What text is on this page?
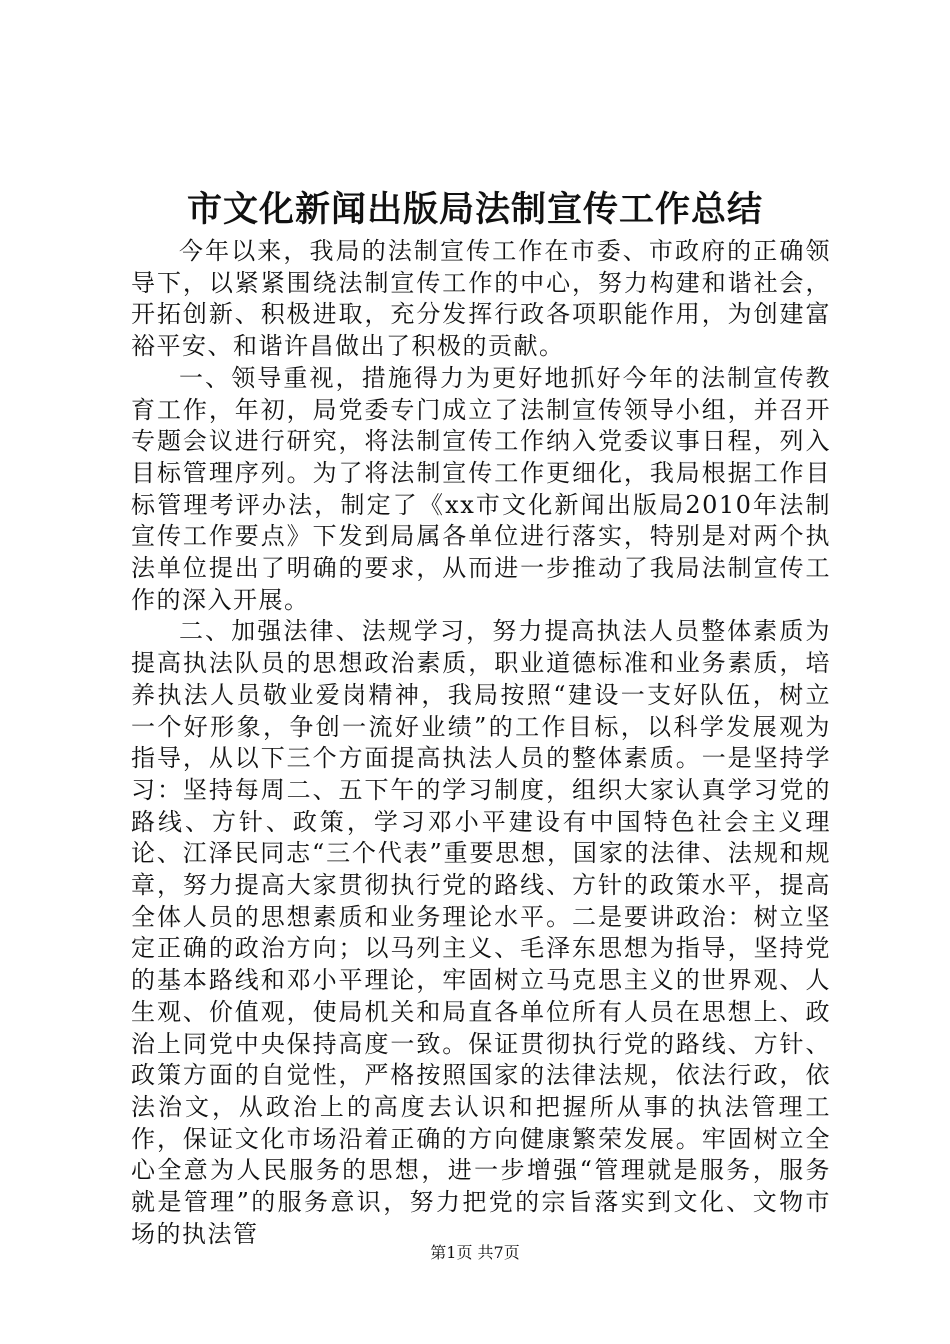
市文化新闻出版局法制宣传工作总结

今年以来，我局的法制宣传工作在市委、市政府的正确领导下，以紧紧围绕法制宣传工作的中心，努力构建和谐社会，开拓创新、积极进取，充分发挥行政各项职能作用，为创建富裕平安、和谐许昌做出了积极的贡献。

一、领导重视，措施得力为更好地抓好今年的法制宣传教育工作，年初，局党委专门成立了法制宣传领导小组，并召开专题会议进行研究，将法制宣传工作纳入党委议事日程，列入目标管理序列。为了将法制宣传工作更细化，我局根据工作目标管理考评办法，制定了《xx市文化新闻出版局2010年法制宣传工作要点》下发到局属各单位进行落实，特别是对两个执法单位提出了明确的要求，从而进一步推动了我局法制宣传工作的深入开展。

二、加强法律、法规学习，努力提高执法人员整体素质为提高执法队员的思想政治素质，职业道德标准和业务素质，培养执法人员敬业爱岗精神，我局按照“建设一支好队伍，树立一个好形象，争创一流好业绩”的工作目标，以科学发展观为指导，从以下三个方面提高执法人员的整体素质。一是坚持学习：坚持每周二、五下午的学习制度，组织大家认真学习党的路线、方针、政策，学习邓小平建设有中国特色社会主义理论、江泽民同志“三个代表”重要思想，国家的法律、法规和规章，努力提高大家贯彻执行党的路线、方针的政策水平，提高全体人员的思想素质和业务理论水平。二是要讲政治：树立坚定正确的政治方向；以马列主义、毛泽东思想为指导，坚持党的基本路线和邓小平理论，牢固树立马克思主义的世界观、人生观、价值观，使局机关和局直各单位所有人员在思想上、政治上同党中央保持高度一致。保证贯彻执行党的路线、方针、政策方面的自觉性，严格按照国家的法律法规，依法行政，依法治文，从政治上的高度去认识和把握所从事的执法管理工作，保证文化市场沿着正确的方向健康繁荣发展。牢固树立全心全意为人民服务的思想，进一步增强“管理就是服务，服务就是管理”的服务意识，努力把党的宗旨落实到文化、文物市场的执法管

第1页 共7页
